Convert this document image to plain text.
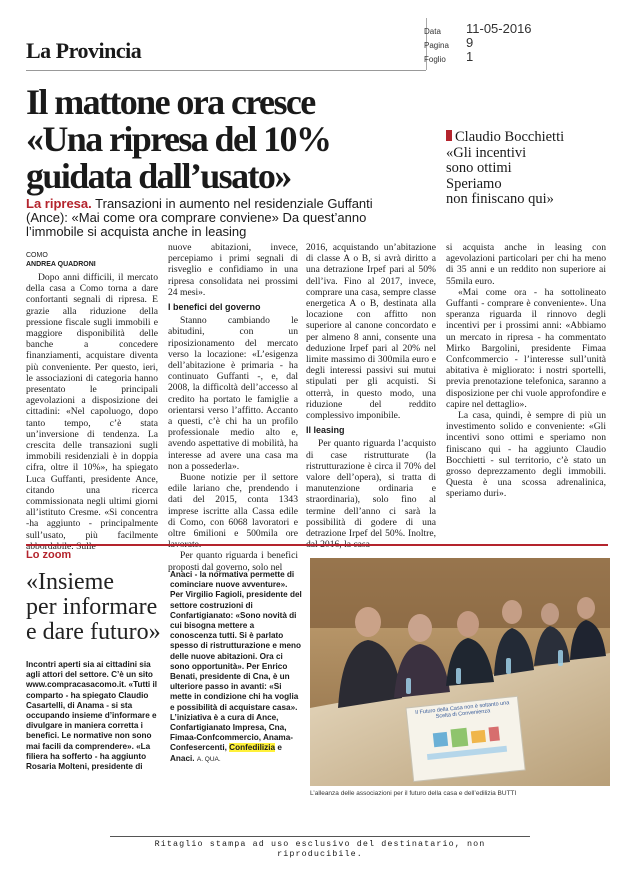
La Provincia
Data	11-05-2016
Pagina	9
Foglio	1
Il mattone ora cresce
«Una ripresa del 10%
guidata dall’usato»
Claudio Bocchietti
«Gli incentivi
sono ottimi
Speriamo
non finiscano qui»
La ripresa. Transazioni in aumento nel residenziale Guffanti (Ance): «Mai come ora comprare conviene» Da quest’anno l’immobile si acquista anche in leasing
COMO
ANDREA QUADRONI

Dopo anni difficili, il mercato della casa a Como torna a dare confortanti segnali di ripresa. E grazie alla riduzione della pressione fiscale sugli immobili e maggiore disponibilità delle banche a concedere finanziamenti, acquistare diventa più conveniente. Per questo, ieri, le associazioni di categoria hanno presentato le principali agevolazioni a disposizione dei cittadini: «Nel capoluogo, dopo tanto tempo, c’è stata un’inversione di tendenza. La crescita delle transazioni sugli immobili residenziali è in doppia cifra, oltre il 10%», ha spiegato Luca Guffanti, presidente Ance, citando una ricerca commissionata negli ultimi giorni all’istituto Cresme. «Si concentra -ha aggiunto - principalmente sull’usato, più facilmente abbordabile. Sulle

nuove abitazioni, invece, percepiamo i primi segnali di risveglio e confidiamo in una ripresa consolidata nei prossimi 24 mesi».

I benefici del governo

Stanno cambiando le abitudini, con un riposizionamento del mercato verso la locazione: «L’esigenza dell’abitazione è primaria - ha continuato Guffanti -, e, dal 2008, la difficoltà dell’accesso al credito ha portato le famiglie a orientarsi verso l’affitto. Accanto a questi, c’è chi ha un profilo professionale medio alto e, avendo aspettative di mobilità, ha interesse ad avere una casa ma non a possederla».

Buone notizie per il settore edile lariano che, prendendo i dati del 2015, conta 1343 imprese iscritte alla Cassa edile di Como, con 6068 lavoratori e oltre 6milioni e 500mila ore lavorate.

Per quanto riguarda i benefici proposti dal governo, solo nel

2016, acquistando un’abitazione di classe A o B, si avrà diritto a una detrazione Irpef pari al 50% dell’iva. Fino al 2017, invece, comprare una casa, sempre classe energetica A o B, destinata alla locazione con affitto non superiore al canone concordato e per almeno 8 anni, consente una deduzione Irpef pari al 20% nel limite massimo di 300mila euro e degli interessi passivi sui mutui stipulati per gli acquisti. Si otterrà, in questo modo, una riduzione del reddito complessivo imponibile.

Il leasing

Per quanto riguarda l’acquisto di case ristrutturate (la ristrutturazione è circa il 70% del valore dell’opera), si tratta di manutenzione ordinaria e straordinaria), solo fino al termine dell’anno ci sarà la possibilità di godere di una detrazione Irpef del 50%. Inoltre, dal 2016, la casa

si acquista anche in leasing con agevolazioni particolari per chi ha meno di 35 anni e un reddito non superiore ai 55mila euro.

«Mai come ora - ha sottolineato Guffanti - comprare è conveniente». Una speranza riguarda il rinnovo degli incentivi per i prossimi anni: «Abbiamo un mercato in ripresa - ha commentato Mirko Bargolini, presidente Fimaa Confcommercio - l’interesse sull’unità abitativa è migliorato: i nostri sportelli, previa prenotazione telefonica, saranno a disposizione per chi vuole approfondire e capire nel dettaglio».

La casa, quindi, è sempre di più un investimento solido e conveniente: «Gli incentivi sono ottimi e speriamo non finiscano qui - ha aggiunto Claudio Bocchietti - sul territorio, c’è stato un grosso deprezzamento degli immobili. Questa è una scossa adrenalinica, speriamo duri».

Lo zoom
«Insieme
per informare
e dare futuro»

Incontri aperti sia ai cittadini sia agli attori del settore. C’è un sito www.compracasacomo.it. «Tutti il comparto - ha spiegato Claudio Casartelli, di Anama - si sta occupando insieme d’informare e divulgare in maniera corretta i benefici. Le normative non sono mai facili da comprendere». «La filiera ha sofferto - ha aggiunto Rosaria Molteni, presidente di

Anaci - la normativa permette di cominciare nuove avventure». Per Virgilio Fagioli, presidente del settore costruzioni di Confartigianato: «Sono novità di cui bisogna mettere a conoscenza tutti. Si è parlato spesso di ristrutturazione e meno delle nuove abitazioni. Ora ci sono opportunità». Per Enrico Benati, presidente di Cna, è un ulteriore passo in avanti: «Si mette in condizione chi ha voglia e possibilità di acquistare casa». L’iniziativa è a cura di Ance, Confartigianato Impresa, Cna, Fimaa-Confcommercio, Anama-Confesercenti, Confedilizia e Anaci. A. QUA.

Il Futuro della Casa non è soltanto una Scelta di Convenienza
L’alleanza delle associazioni per il futuro della casa e dell’edilizia BUTTI
Ritaglio stampa ad uso esclusivo del destinatario, non riproducibile.
